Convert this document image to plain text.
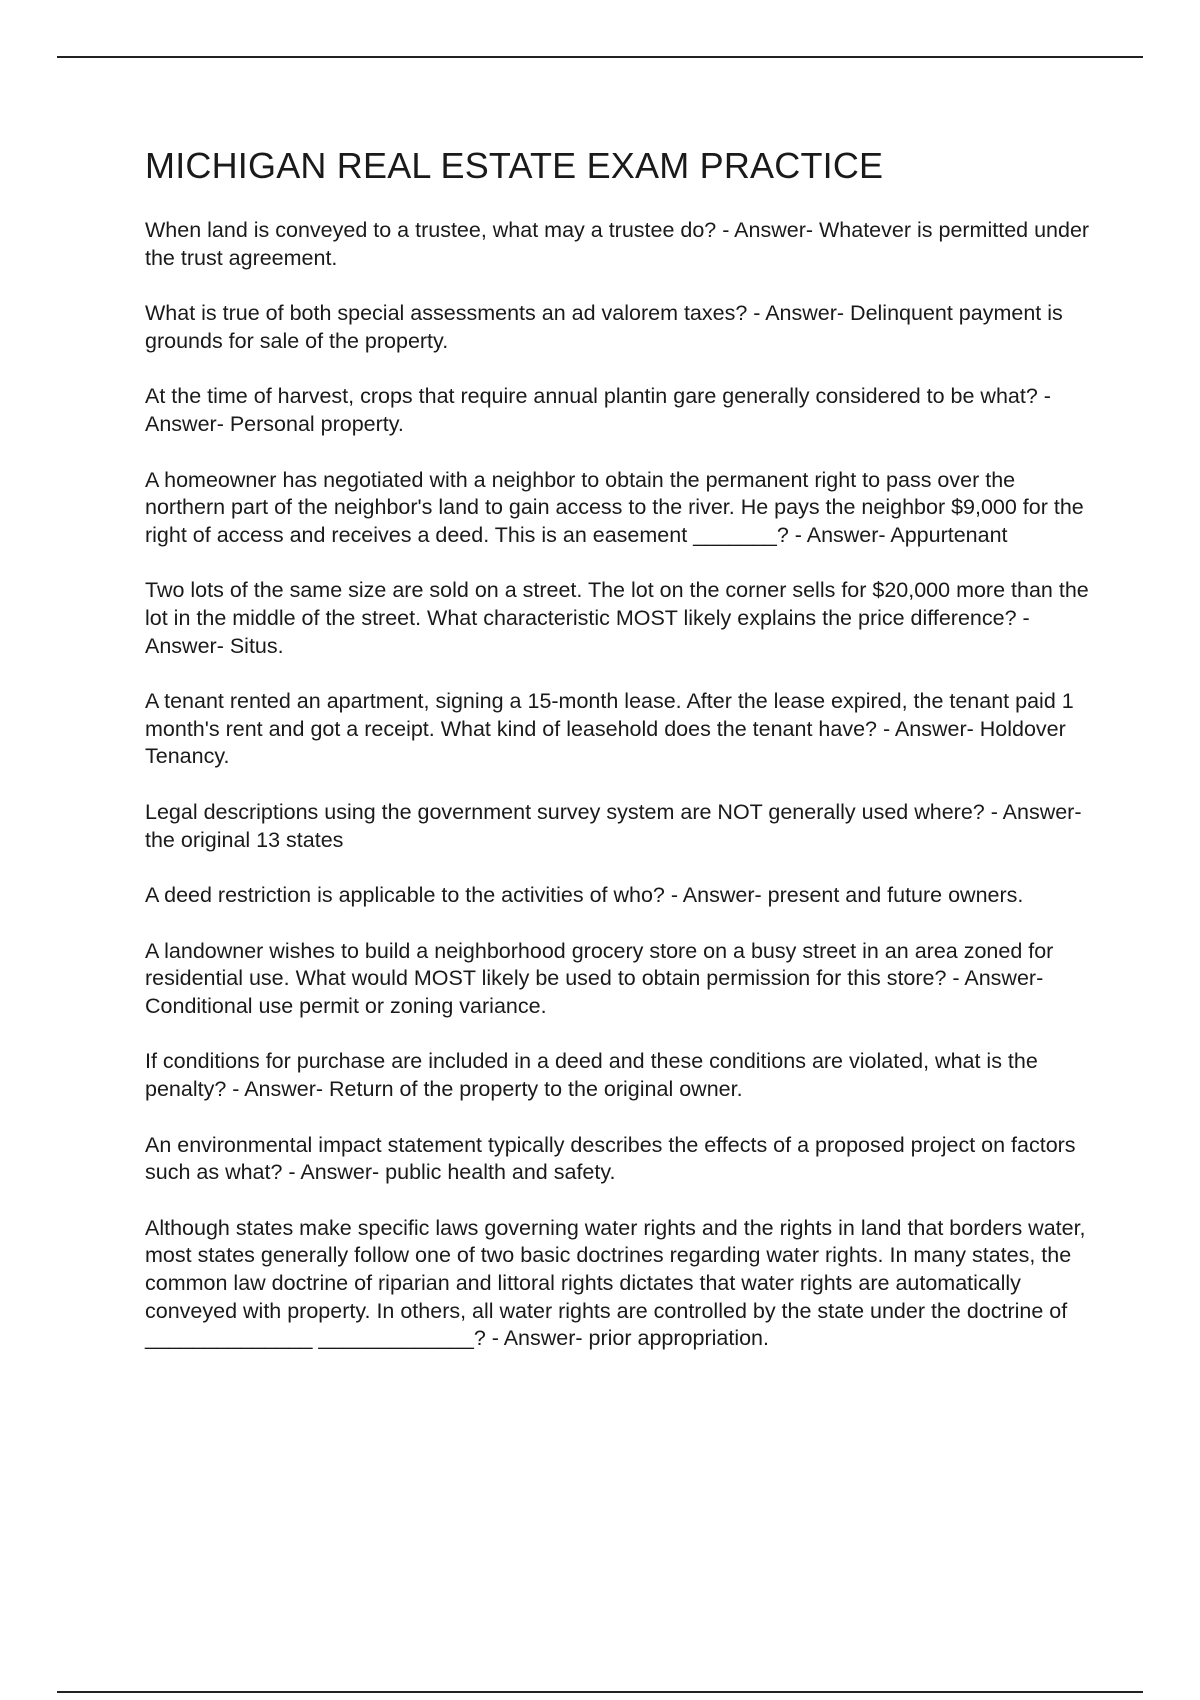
MICHIGAN REAL ESTATE EXAM PRACTICE
When land is conveyed to a trustee, what may a trustee do? - Answer- Whatever is permitted under the trust agreement.
What is true of both special assessments an ad valorem taxes? - Answer- Delinquent payment is grounds for sale of the property.
At the time of harvest, crops that require annual plantin gare generally considered to be what? - Answer- Personal property.
A homeowner has negotiated with a neighbor to obtain the permanent right to pass over the northern part of the neighbor's land to gain access to the river. He pays the neighbor $9,000 for the right of access and receives a deed. This is an easement _______? - Answer- Appurtenant
Two lots of the same size are sold on a street. The lot on the corner sells for $20,000 more than the lot in the middle of the street. What characteristic MOST likely explains the price difference? - Answer- Situs.
A tenant rented an apartment, signing a 15-month lease. After the lease expired, the tenant paid 1 month's rent and got a receipt. What kind of leasehold does the tenant have? - Answer- Holdover Tenancy.
Legal descriptions using the government survey system are NOT generally used where? - Answer- the original 13 states
A deed restriction is applicable to the activities of who? - Answer- present and future owners.
A landowner wishes to build a neighborhood grocery store on a busy street in an area zoned for residential use. What would MOST likely be used to obtain permission for this store? - Answer- Conditional use permit or zoning variance.
If conditions for purchase are included in a deed and these conditions are violated, what is the penalty? - Answer- Return of the property to the original owner.
An environmental impact statement typically describes the effects of a proposed project on factors such as what? - Answer- public health and safety.
Although states make specific laws governing water rights and the rights in land that borders water, most states generally follow one of two basic doctrines regarding water rights. In many states, the common law doctrine of riparian and littoral rights dictates that water rights are automatically conveyed with property. In others, all water rights are controlled by the state under the doctrine of ______________ _____________? - Answer- prior appropriation.
